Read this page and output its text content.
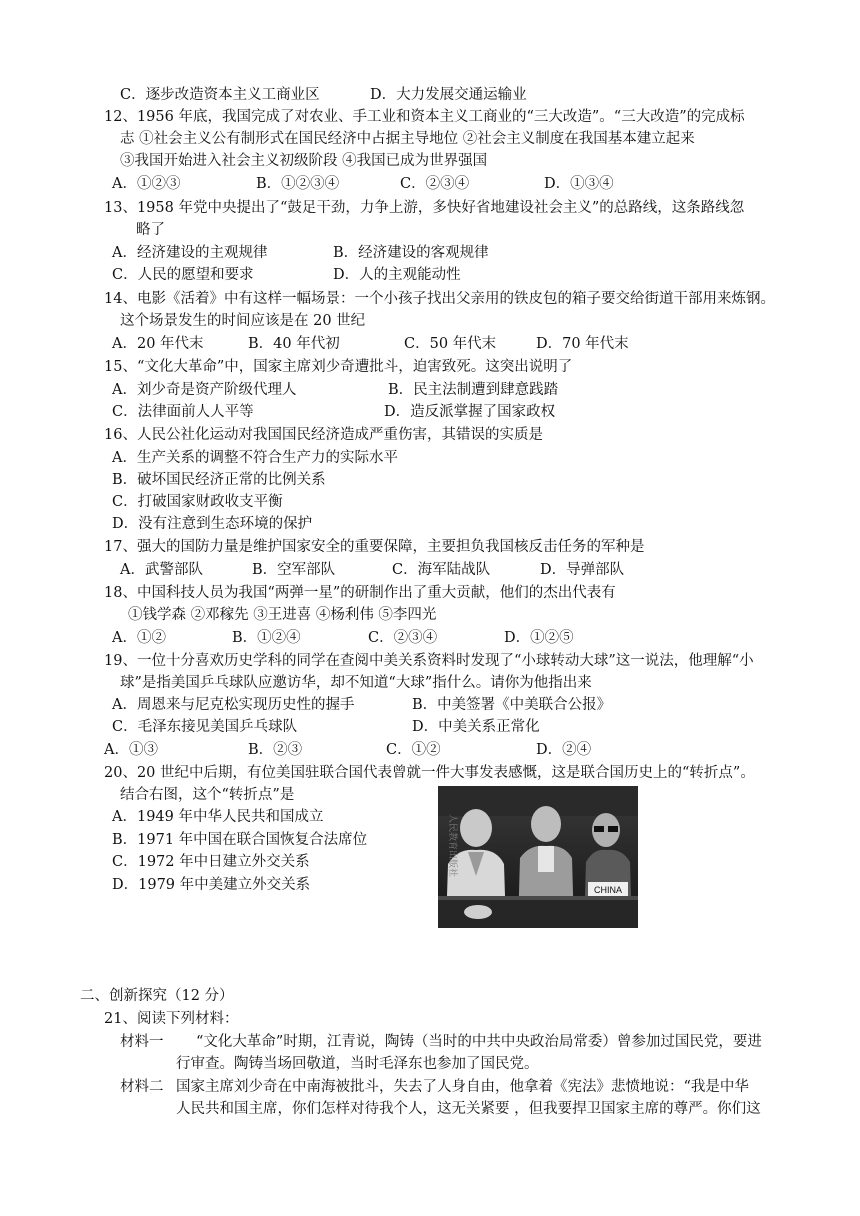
C．逐步改造资本主义工商业区	D．大力发展交通运输业
12、1956 年底，我国完成了对农业、手工业和资本主义工商业的“三大改造”。“三大改造”的完成标
志 ①社会主义公有制形式在国民经济中占据主导地位 ②社会主义制度在我国基本建立起来
③我国开始进入社会主义初级阶段 ④我国已成为世界强国
A．①②③	B．①②③④	C．②③④	D．①③④
13、1958 年党中央提出了“鼓足干劲，力争上游，多快好省地建设社会主义”的总路线，这条路线忽
略了
A．经济建设的主观规律	B．经济建设的客观规律
C．人民的愿望和要求	D．人的主观能动性
14、电影《活着》中有这样一幅场景：一个小孩子找出父亲用的铁皮包的箱子要交给街道干部用来炼钢。
这个场景发生的时间应该是在 20 世纪
A．20 年代末	B．40 年代初	C．50 年代末	D．70 年代末
15、“文化大革命”中，国家主席刘少奇遭批斗，迫害致死。这突出说明了
A．刘少奇是资产阶级代理人	B．民主法制遭到肆意践踏
C．法律面前人人平等	D．造反派掌握了国家政权
16、人民公社化运动对我国国民经济造成严重伤害，其错误的实质是
A．生产关系的调整不符合生产力的实际水平
B．破坏国民经济正常的比例关系
C．打破国家财政收支平衡
D．没有注意到生态环境的保护
17、强大的国防力量是维护国家安全的重要保障，主要担负我国核反击任务的军种是
A．武警部队	B．空军部队	C．海军陆战队	D．导弹部队
18、中国科技人员为我国“两弹一星”的研制作出了重大贡献，他们的杰出代表有
①钱学森 ②邓稼先 ③王进喜 ④杨利伟 ⑤李四光
A．①②	B．①②④	C．②③④	D．①②⑤
19、一位十分喜欢历史学科的同学在查阅中美关系资料时发现了“小球转动大球”这一说法，他理解“小
球”是指美国乒乓球队应邀访华，却不知道“大球”指什么。请你为他指出来
A．周恩来与尼克松实现历史性的握手	B．中美签署《中美联合公报》
C．毛泽东接见美国乒乓球队	D．中美关系正常化
A．①③	B．②③	C．①②	D．②④
20、20 世纪中后期，有位美国驻联合国代表曾就一件大事发表感慨，这是联合国历史上的“转折点”。
结合右图，这个“转折点”是
A．1949 年中华人民共和国成立
B．1971 年中国在联合国恢复合法席位
C．1972 年中日建立外交关系
D．1979 年中美建立外交关系	CHINA
人民教育出版社
二、创新探究（12 分）
21、阅读下列材料：
材料一 “文化大革命”时期，江青说，陶铸（当时的中共中央政治局常委）曾参加过国民党，要进
行审查。陶铸当场回敬道，当时毛泽东也参加了国民党。
材料二 国家主席刘少奇在中南海被批斗，失去了人身自由，他拿着《宪法》悲愤地说：“我是中华
人民共和国主席，你们怎样对待我个人，这无关紧要 ，但我要捍卫国家主席的尊严。你们这
